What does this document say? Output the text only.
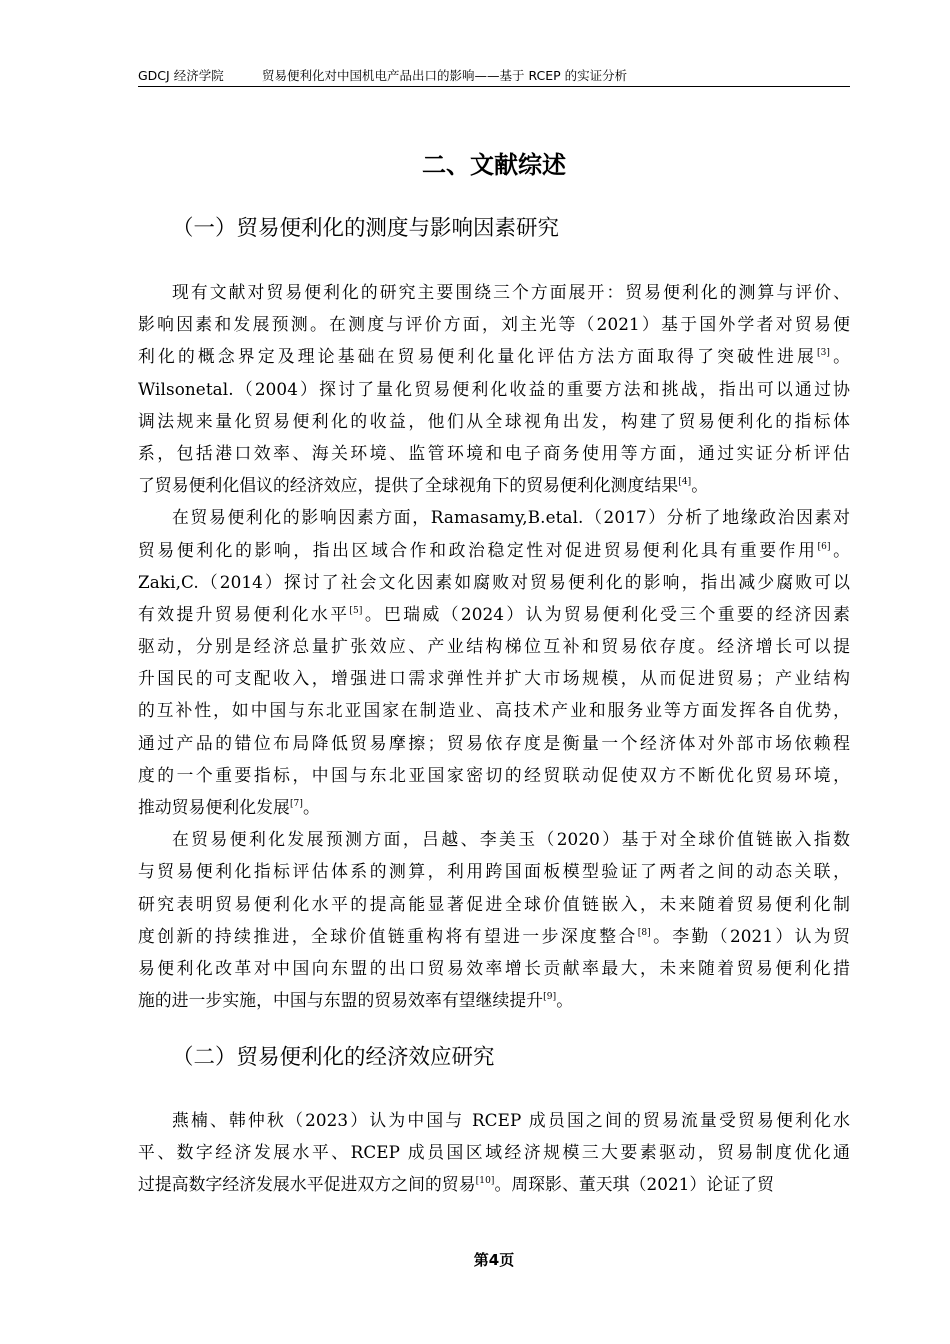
GDCJ 经济学院	贸易便利化对中国机电产品出口的影响——基于 RCEP 的实证分析
二、文献综述
（一）贸易便利化的测度与影响因素研究
现有文献对贸易便利化的研究主要围绕三个方面展开：贸易便利化的测算与评价、
影响因素和发展预测。在测度与评价方面，刘主光等（2021）基于国外学者对贸易便
利化的概念界定及理论基础在贸易便利化量化评估方法方面取得了突破性进展[3]。
Wilsonetal.（2004）探讨了量化贸易便利化收益的重要方法和挑战，指出可以通过协
调法规来量化贸易便利化的收益，他们从全球视角出发，构建了贸易便利化的指标体
系，包括港口效率、海关环境、监管环境和电子商务使用等方面，通过实证分析评估
了贸易便利化倡议的经济效应，提供了全球视角下的贸易便利化测度结果[4]。
在贸易便利化的影响因素方面，Ramasamy,B.etal.（2017）分析了地缘政治因素对
贸易便利化的影响，指出区域合作和政治稳定性对促进贸易便利化具有重要作用[6]。
Zaki,C.（2014）探讨了社会文化因素如腐败对贸易便利化的影响，指出减少腐败可以
有效提升贸易便利化水平[5]。巴瑞威（2024）认为贸易便利化受三个重要的经济因素
驱动，分别是经济总量扩张效应、产业结构梯位互补和贸易依存度。经济增长可以提
升国民的可支配收入，增强进口需求弹性并扩大市场规模，从而促进贸易；产业结构
的互补性，如中国与东北亚国家在制造业、高技术产业和服务业等方面发挥各自优势，
通过产品的错位布局降低贸易摩擦；贸易依存度是衡量一个经济体对外部市场依赖程
度的一个重要指标，中国与东北亚国家密切的经贸联动促使双方不断优化贸易环境，
推动贸易便利化发展[7]。
在贸易便利化发展预测方面，吕越、李美玉（2020）基于对全球价值链嵌入指数
与贸易便利化指标评估体系的测算，利用跨国面板模型验证了两者之间的动态关联，
研究表明贸易便利化水平的提高能显著促进全球价值链嵌入，未来随着贸易便利化制
度创新的持续推进，全球价值链重构将有望进一步深度整合[8]。李勤（2021）认为贸
易便利化改革对中国向东盟的出口贸易效率增长贡献率最大，未来随着贸易便利化措
施的进一步实施，中国与东盟的贸易效率有望继续提升[9]。
（二）贸易便利化的经济效应研究
燕楠、韩仲秋（2023）认为中国与 RCEP 成员国之间的贸易流量受贸易便利化水
平、数字经济发展水平、RCEP 成员国区域经济规模三大要素驱动，贸易制度优化通
过提高数字经济发展水平促进双方之间的贸易[10]。周琛影、董天琪（2021）论证了贸
第4页
